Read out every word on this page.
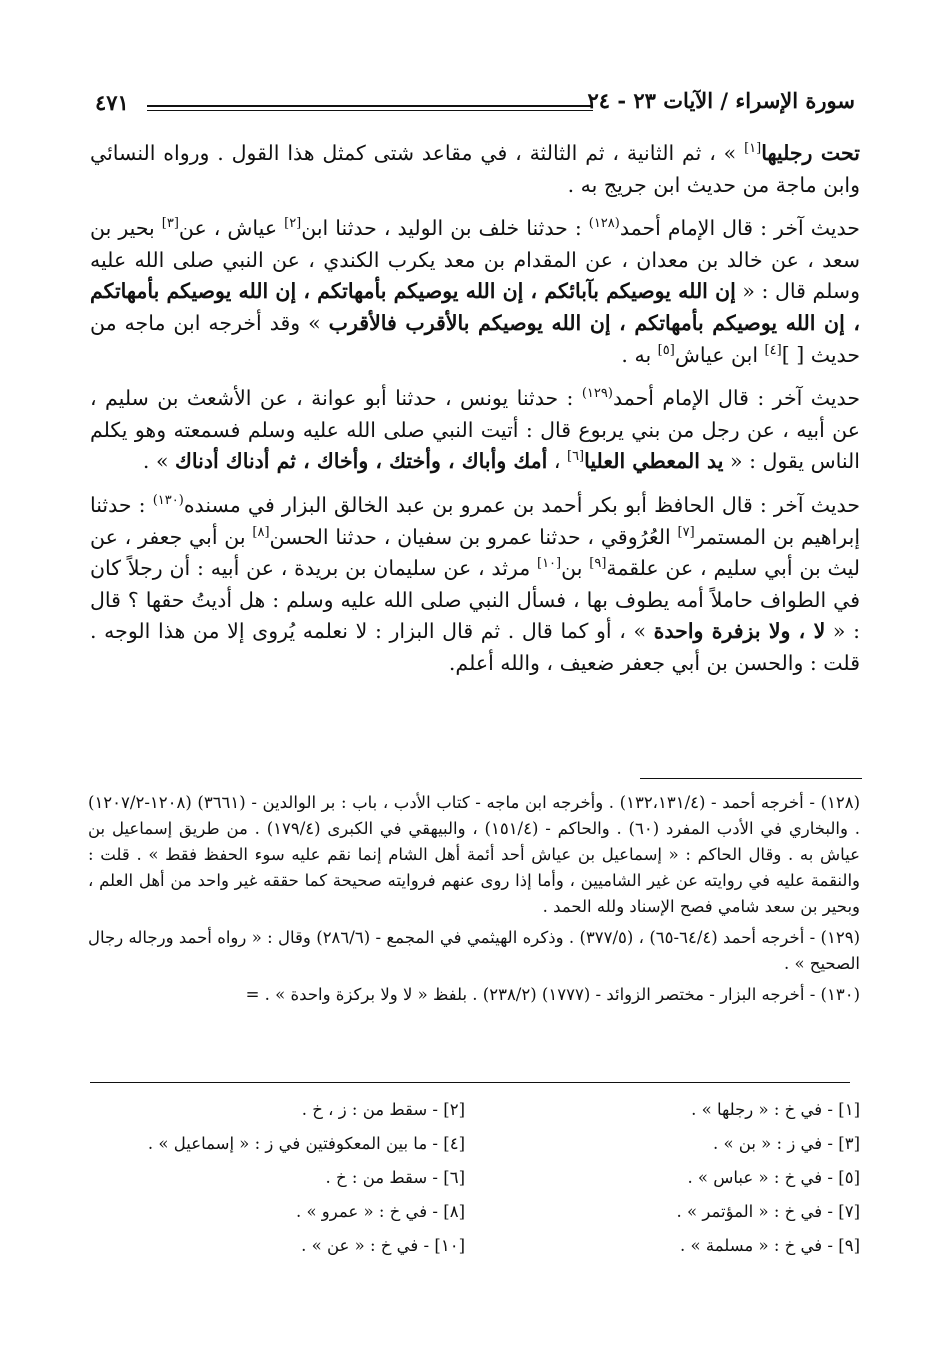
٤٧١	سورة الإسراء / الآيات ٢٣ - ٢٤

تحت رجليها[١] » ، ثم الثانية ، ثم الثالثة ، في مقاعد شتى كمثل هذا القول . ورواه النسائي وابن ماجة من حديث ابن جريج به .

حديث آخر : قال الإمام أحمد$^{(١٢٨)}$ : حدثنا خلف بن الوليد ، حدثنا ابن[٢] عياش ، عن[٣] بحير بن سعد ، عن خالد بن معدان ، عن المقدام بن معد يكرب الكندي ، عن النبي صلى الله عليه وسلم قال : « إن الله يوصيكم بآبائكم ، إن الله يوصيكم بأمهاتكم ، إن الله يوصيكم بأمهاتكم ، إن الله يوصيكم بأمهاتكم ، إن الله يوصيكم بالأقرب فالأقرب » وقد أخرجه ابن ماجه من حديث [ ][٤] ابن عياش[٥] به .

حديث آخر : قال الإمام أحمد$^{(١٢٩)}$ : حدثنا يونس ، حدثنا أبو عوانة ، عن الأشعث بن سليم ، عن أبيه ، عن رجل من بني يربوع قال : أتيت النبي صلى الله عليه وسلم فسمعته وهو يكلم الناس يقول : « يد المعطي العليا[٦] ، أمك وأباك ، وأختك ، وأخاك ، ثم أدناك أدناك » .

حديث آخر : قال الحافظ أبو بكر أحمد بن عمرو بن عبد الخالق البزار في مسنده$^{(١٣٠)}$ : حدثنا إبراهيم بن المستمر[٧] العُرُوقي ، حدثنا عمرو بن سفيان ، حدثنا الحسن[٨] بن أبي جعفر ، عن ليث بن أبي سليم ، عن علقمة[٩] بن[١٠] مرثد ، عن سليمان بن بريدة ، عن أبيه : أن رجلاً كان في الطواف حاملاً أمه يطوف بها ، فسأل النبي صلى الله عليه وسلم : هل أديتُ حقها ؟ قال : « لا ، ولا بزفرة واحدة » ، أو كما قال . ثم قال البزار : لا نعلمه يُروى إلا من هذا الوجه . قلت : والحسن بن أبي جعفر ضعيف ، والله أعلم.

(١٢٨) - أخرجه أحمد - (١٣٢،١٣١/٤) . وأخرجه ابن ماجه - كتاب الأدب ، باب : بر الوالدين - (٣٦٦١) (١٢٠٨-١٢٠٧/٢) . والبخاري في الأدب المفرد (٦٠) . والحاكم - (١٥١/٤) ، والبيهقي في الكبرى (١٧٩/٤) . من طريق إسماعيل بن عياش به . وقال الحاكم : « إسماعيل بن عياش أحد أئمة أهل الشام إنما نقم عليه سوء الحفظ فقط » . قلت : والنقمة عليه في روايته عن غير الشاميين ، وأما إذا روى عنهم فروايته صحيحة كما حققه غير واحد من أهل العلم ، وبحير بن سعد شامي فصح الإسناد ولله الحمد .

(١٢٩) - أخرجه أحمد (٦٤/٤-٦٥) ، (٣٧٧/٥) . وذكره الهيثمي في المجمع - (٢٨٦/٦) وقال : « رواه أحمد ورجاله رجال الصحيح » .

(١٣٠) - أخرجه البزار - مختصر الزوائد - (١٧٧٧) (٢٣٨/٢) . بلفظ « لا ولا بركزة واحدة » . =

[١] - في خ : « رجلها » .
[٢] - سقط من : ز ، خ .
[٣] - في ز : « بن » .
[٤] - ما بين المعكوفتين في ز : « إسماعيل » .
[٥] - في خ : « عباس » .
[٦] - سقط من : خ .
[٧] - في خ : « المؤتمر » .
[٨] - في خ : « عمرو » .
[٩] - في خ : « مسلمة » .
[١٠] - في خ : « عن » .
